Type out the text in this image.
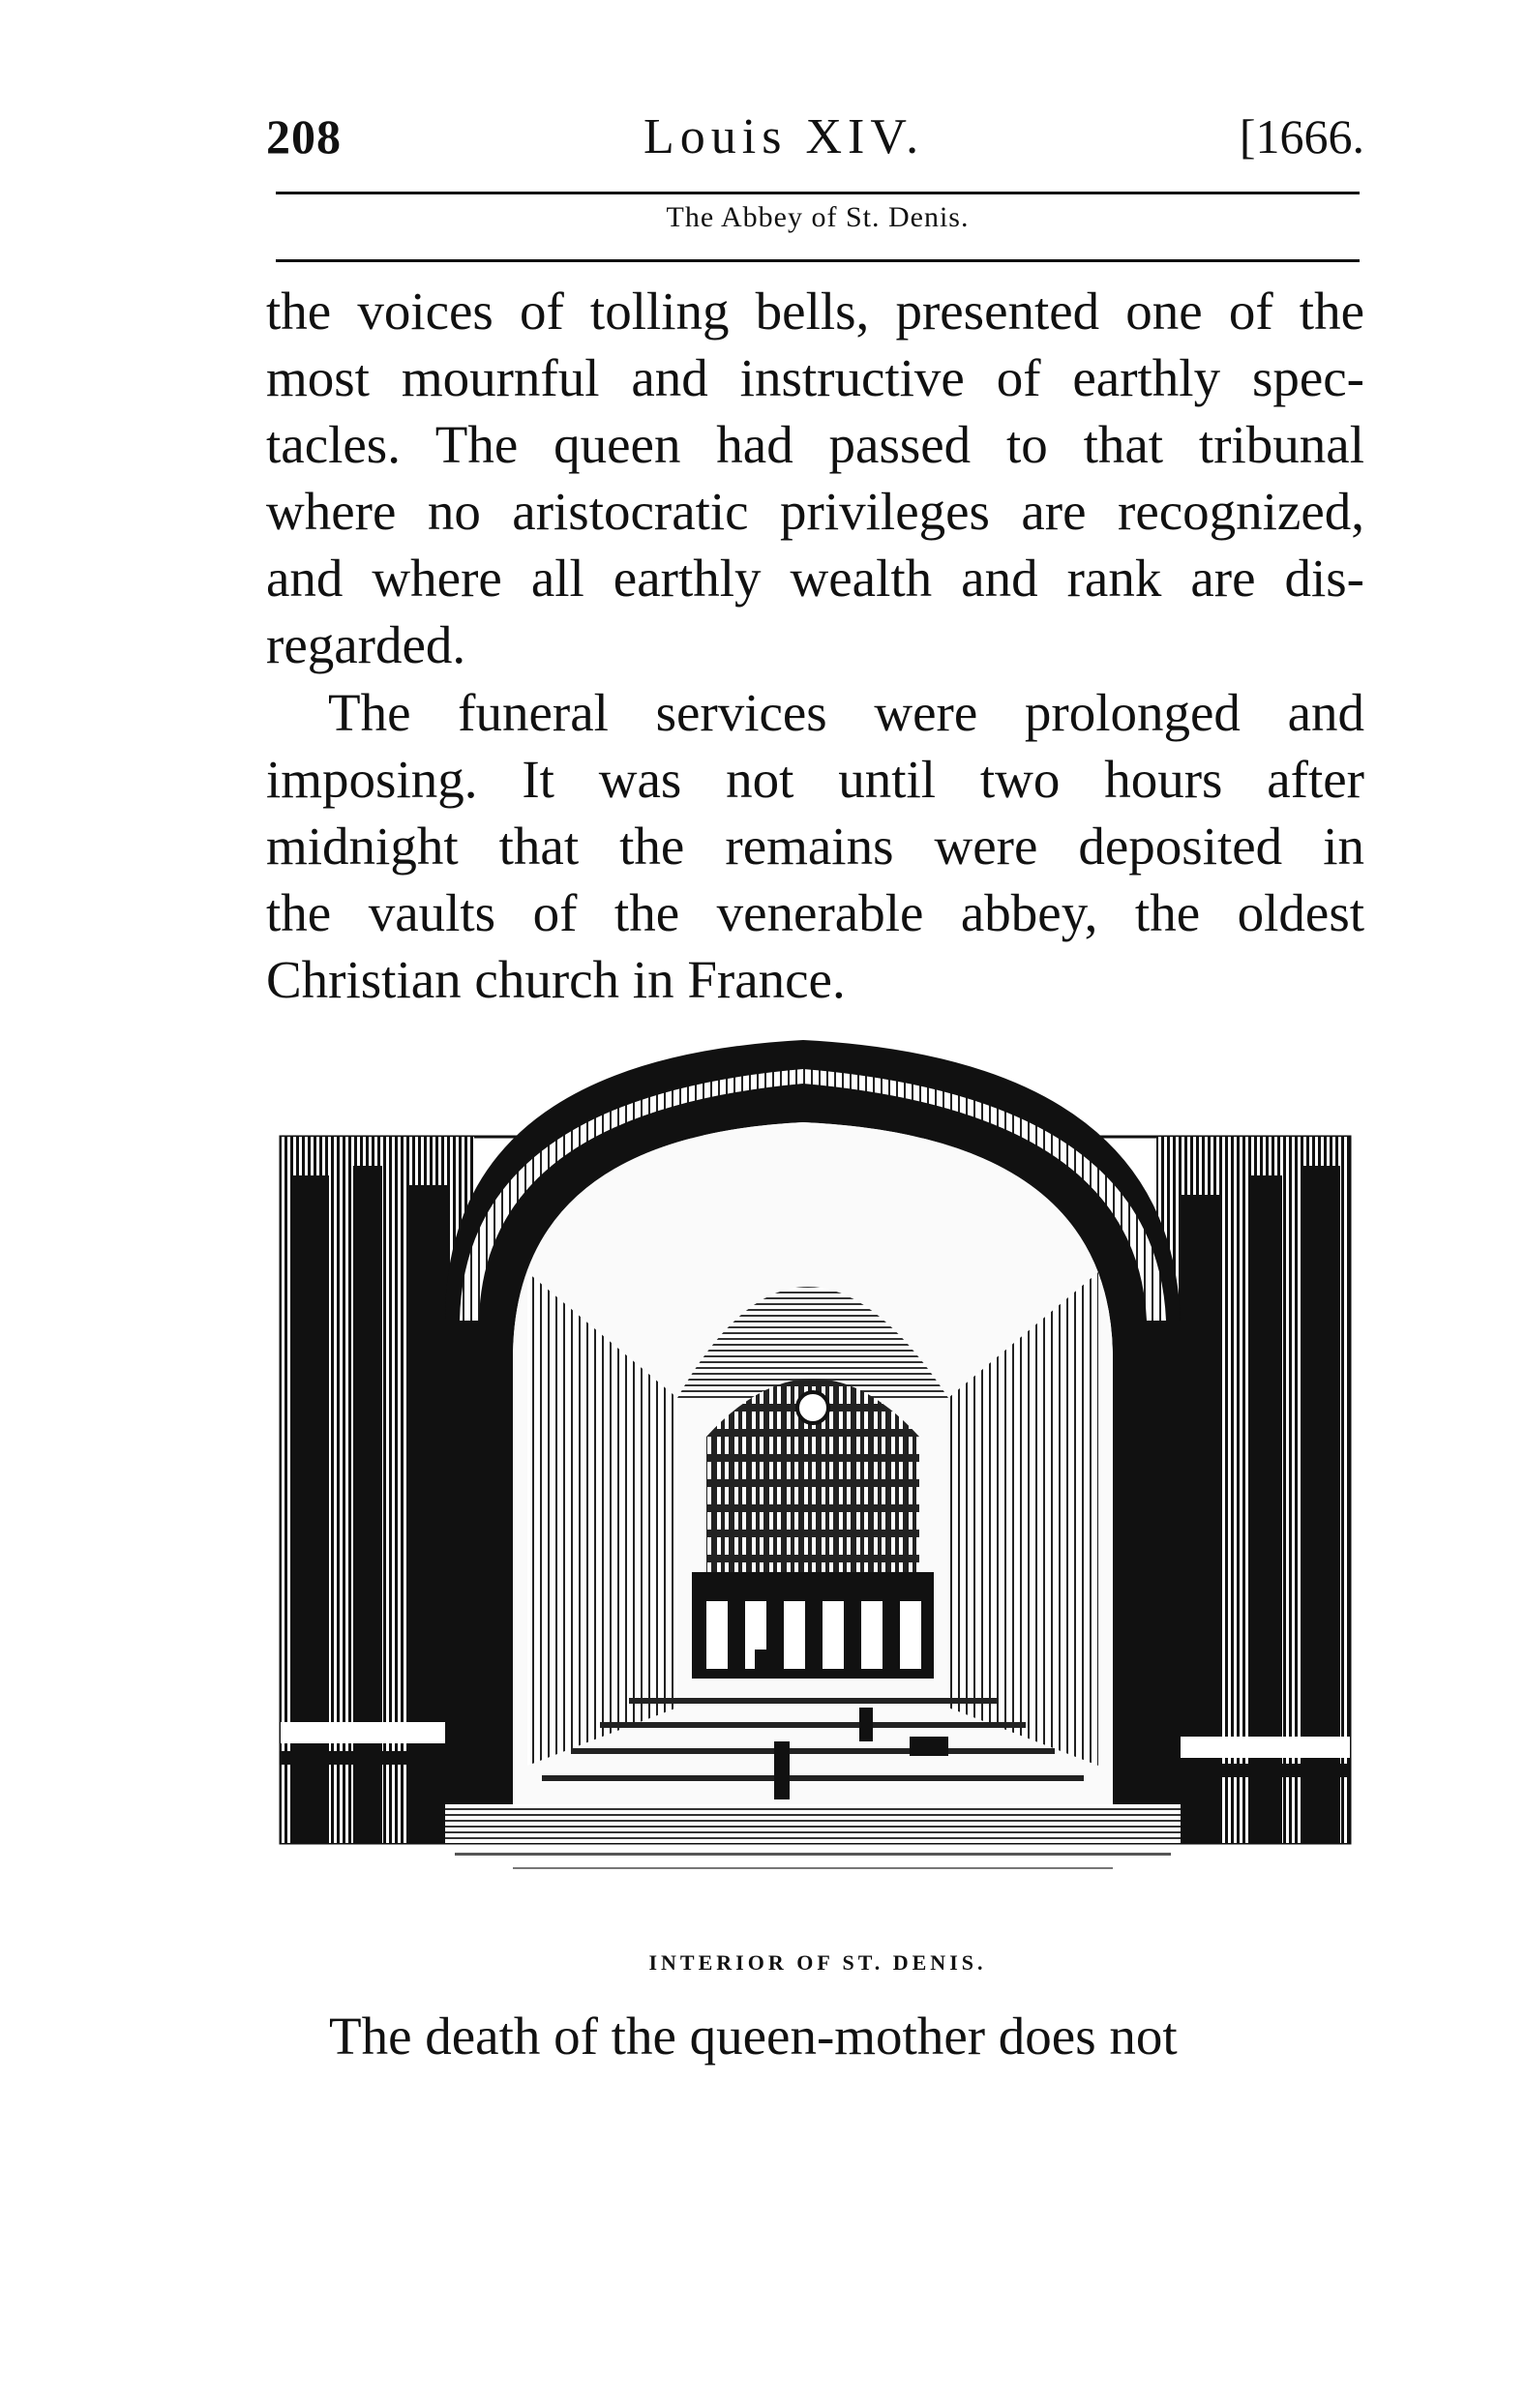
208	Louis XIV.	[1666.
The Abbey of St. Denis.
the voices of tolling bells, presented one of the
most mournful and instructive of earthly spec-
tacles. The queen had passed to that tribunal
where no aristocratic privileges are recognized,
and where all earthly wealth and rank are dis-
regarded.
The funeral services were prolonged and
imposing. It was not until two hours after
midnight that the remains were deposited in
the vaults of the venerable abbey, the oldest
Christian church in France.
INTERIOR OF ST. DENIS.
The death of the queen-mother does not
